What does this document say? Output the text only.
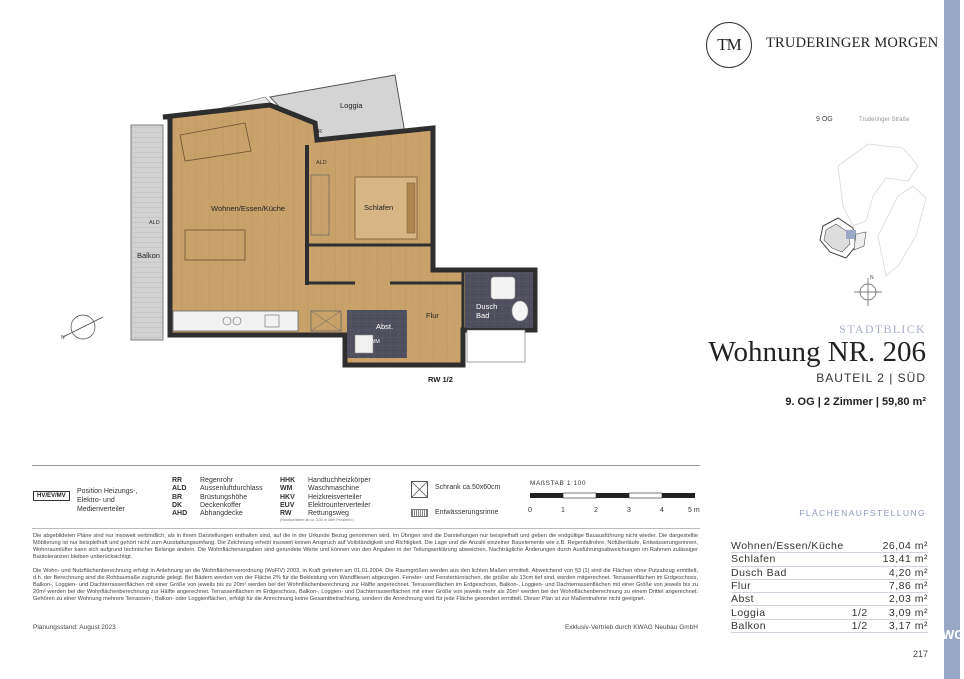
WG
TM	TRUDERINGER MORGEN
9 OG	Truderinger Straße
N
N
Wohnen/Essen/Küche	Schlafen
Loggia
Balkon
Flur
Abst.
Dusch
Bad
ALD
RR
ALD
WM
RW 1/2
STADTBLICK
Wohnung NR. 206
BAUTEIL 2 | SÜD
9. OG | 2 Zimmer | 59,80 m²
HV/EV/MV
Position Heizungs-, Elektro- und Medienverteiler
RR	Regenrohr
ALD Aussenluftdurchlass
BR	Brüstungshöhe
DK	Deckenkoffer
AHD Abhangdecke
HHK Handtuchheizkörper
WM Waschmaschine
HKV Heizkreisverteiler
EUV Elektrounterverteiler
RW Rettungsweg
(Handtuchleiter ab ca. 3,50 m über Fensterbr.)
Schrank ca.50x60cm
Entwässerungsrinne
MAßSTAB 1:100
0	1	2	3	4	5 m
Die abgebildeten Pläne sind nur insoweit verbindlich, als in ihnen Darstellungen enthalten sind, auf die in der Urkunde Bezug genommen wird. Im Übrigen sind die Darstellungen nur beispielhaft und geben die endgültige Bauausführung nicht wieder. Die dargestellte Möblierung ist nur beispielhaft und gehört nicht zum Ausstattungsumfang. Die Zeichnung erhebt insoweit keinen Anspruch auf Vollständigkeit und Richtigkeit. Die Lage und die Anzahl einzelner Bauelemente wie z.B. Regenfallrohre, Notüberläufe, Entwässerungsrinnen, Wohnraumlüfter kann sich aufgrund technischer Belange ändern. Die Wohnflächenangaben sind gerundete Werte und können von den Angaben in der Teilungserklärung abweichen. Nachträgliche Änderungen durch Ausführungsabweichungen im Rahmen zulässiger Bautoleranzen bleiben unberücksichtigt.
Die Wohn- und Nutzflächenberechnung erfolgt in Anlehnung an die Wohnflächenverordnung (WoFlV) 2003, in Kraft getreten am 01.01.2004. Die Raumgrößen werden aus den lichten Maßen ermittelt. Abweichend von §3 (1) sind die Flächen ohne Putzabzug ermittelt, d.h. der Berechnung sind die Rohbaumaße zugrunde gelegt. Bei Bädern werden von der Fläche 2% für die Bekleidung von Wandfliesen abgezogen. Fenster- und Fenstertürnischen, die größer als 13cm tief sind, werden mitgerechnet. Terrassenflächen im Erdgeschoss, Balkon-, Loggien- und Dachterrassenflächen mit einer Größe von jeweils bis zu 20m² werden bei der Wohnflächenberechnung zur Hälfte angerechnet. Terrassenflächen im Erdgeschoss, Balkon-, Loggien- und Dachterrassenflächen mit einer Größe von jeweils bis zu 20m² werden bei der Wohnflächenberechnung zur Hälfte angerechnet. Terrassenflächen im Erdgeschoss, Balkon-, Loggien- und Dachterrassenflächen mit einer Größe von jeweils mehr als 20m² werden bei der Wohnflächenberechnung zu einem Drittel angerechnet. Gehören zu einer Wohnung mehrere Terrassen-, Balkon- oder Loggienflächen, erfolgt für die Anrechnung keine Gesamtbetrachtung, sondern die Anrechnung wird für jede Fläche gesondert ermittelt. Dieser Plan ist zur Maßentnahme nicht geeignet.
Planungsstand: August 2023	Exklusiv-Vertrieb durch KWAG Neubau GmbH
FLÄCHENAUFSTELLUNG
Wohnen/Essen/Küche		26,04 m²
Schlafen		13,41 m²
Dusch Bad		4,20 m²
Flur		7,86 m²
Abst		2,03 m²
Loggia	1/2	3,09 m²
Balkon	1/2	3,17 m²
217
